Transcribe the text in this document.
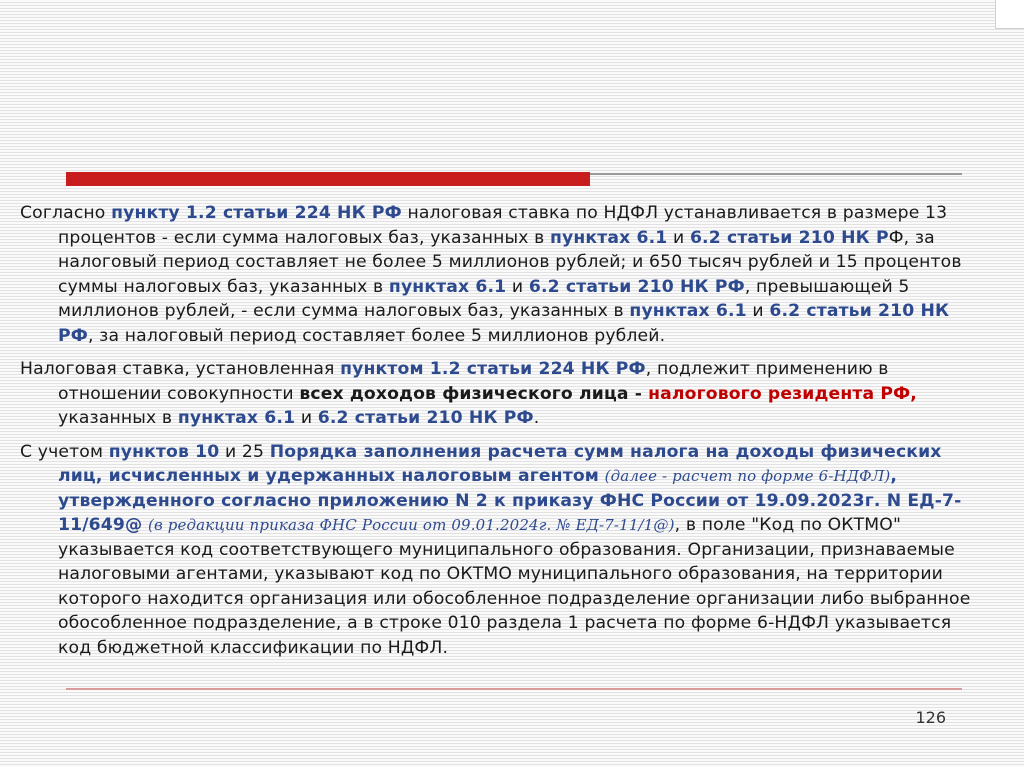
Согласно пункту 1.2 статьи 224 НК РФ налоговая ставка по НДФЛ устанавливается в размере 13 процентов - если сумма налоговых баз, указанных в пунктах 6.1 и 6.2 статьи 210 НК РФ, за налоговый период составляет не более 5 миллионов рублей; и 650 тысяч рублей и 15 процентов суммы налоговых баз, указанных в пунктах 6.1 и 6.2 статьи 210 НК РФ, превышающей 5 миллионов рублей, - если сумма налоговых баз, указанных в пунктах 6.1 и 6.2 статьи 210 НК РФ, за налоговый период составляет более 5 миллионов рублей.

Налоговая ставка, установленная пунктом 1.2 статьи 224 НК РФ, подлежит применению в отношении совокупности всех доходов физического лица - налогового резидента РФ, указанных в пунктах 6.1 и 6.2 статьи 210 НК РФ.

С учетом пунктов 10 и 25 Порядка заполнения расчета сумм налога на доходы физических лиц, исчисленных и удержанных налоговым агентом (далее - расчет по форме 6-НДФЛ), утвержденного согласно приложению N 2 к приказу ФНС России от 19.09.2023г. N ЕД-7-11/649@ (в редакции приказа ФНС России от 09.01.2024г. № ЕД-7-11/1@), в поле "Код по ОКТМО" указывается код соответствующего муниципального образования. Организации, признаваемые налоговыми агентами, указывают код по ОКТМО муниципального образования, на территории которого находится организация или обособленное подразделение организации либо выбранное обособленное подразделение, а в строке 010 раздела 1 расчета по форме 6-НДФЛ указывается код бюджетной классификации по НДФЛ.

126
